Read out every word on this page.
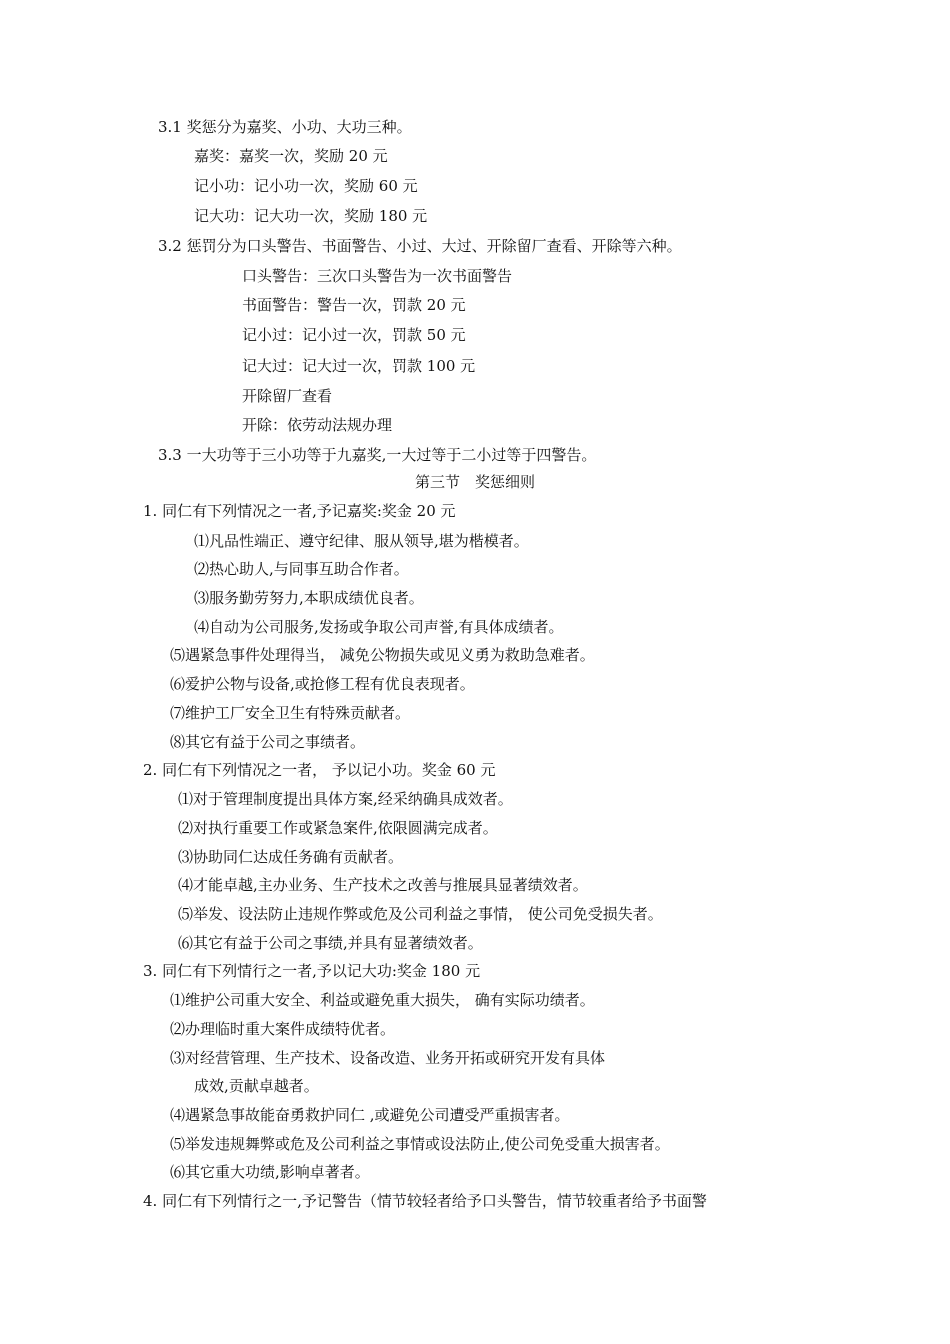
3.1 奖惩分为嘉奖、小功、大功三种。
嘉奖：嘉奖一次，奖励 20 元
记小功：记小功一次，奖励 60 元
记大功：记大功一次，奖励 180 元
3.2 惩罚分为口头警告、书面警告、小过、大过、开除留厂查看、开除等六种。
口头警告：三次口头警告为一次书面警告
书面警告：警告一次，罚款 20 元
记小过：记小过一次，罚款 50 元
记大过：记大过一次，罚款 100 元
开除留厂查看
开除：依劳动法规办理
3.3 一大功等于三小功等于九嘉奖,一大过等于二小过等于四警告。
第三节　奖惩细则
1. 同仁有下列情况之一者,予记嘉奖:奖金 20 元
⑴凡品性端正、遵守纪律、服从领导,堪为楷模者。
⑵热心助人,与同事互助合作者。
⑶服务勤劳努力,本职成绩优良者。
⑷自动为公司服务,发扬或争取公司声誉,有具体成绩者。
⑸遇紧急事件处理得当， 减免公物损失或见义勇为救助急难者。
⑹爱护公物与设备,或抢修工程有优良表现者。
⑺维护工厂安全卫生有特殊贡献者。
⑻其它有益于公司之事绩者。
2. 同仁有下列情况之一者， 予以记小功。奖金 60 元
⑴对于管理制度提出具体方案,经采纳确具成效者。
⑵对执行重要工作或紧急案件,依限圆满完成者。
⑶协助同仁达成任务确有贡献者。
⑷才能卓越,主办业务、生产技术之改善与推展具显著绩效者。
⑸举发、设法防止违规作弊或危及公司利益之事情， 使公司免受损失者。
⑹其它有益于公司之事绩,并具有显著绩效者。
3. 同仁有下列情行之一者,予以记大功:奖金 180 元
⑴维护公司重大安全、利益或避免重大损失， 确有实际功绩者。
⑵办理临时重大案件成绩特优者。
⑶对经营管理、生产技术、设备改造、业务开拓或研究开发有具体
成效,贡献卓越者。
⑷遇紧急事故能奋勇救护同仁 ,或避免公司遭受严重损害者。
⑸举发违规舞弊或危及公司利益之事情或设法防止,使公司免受重大损害者。
⑹其它重大功绩,影响卓著者。
4. 同仁有下列情行之一,予记警告（情节较轻者给予口头警告，情节较重者给予书面警
